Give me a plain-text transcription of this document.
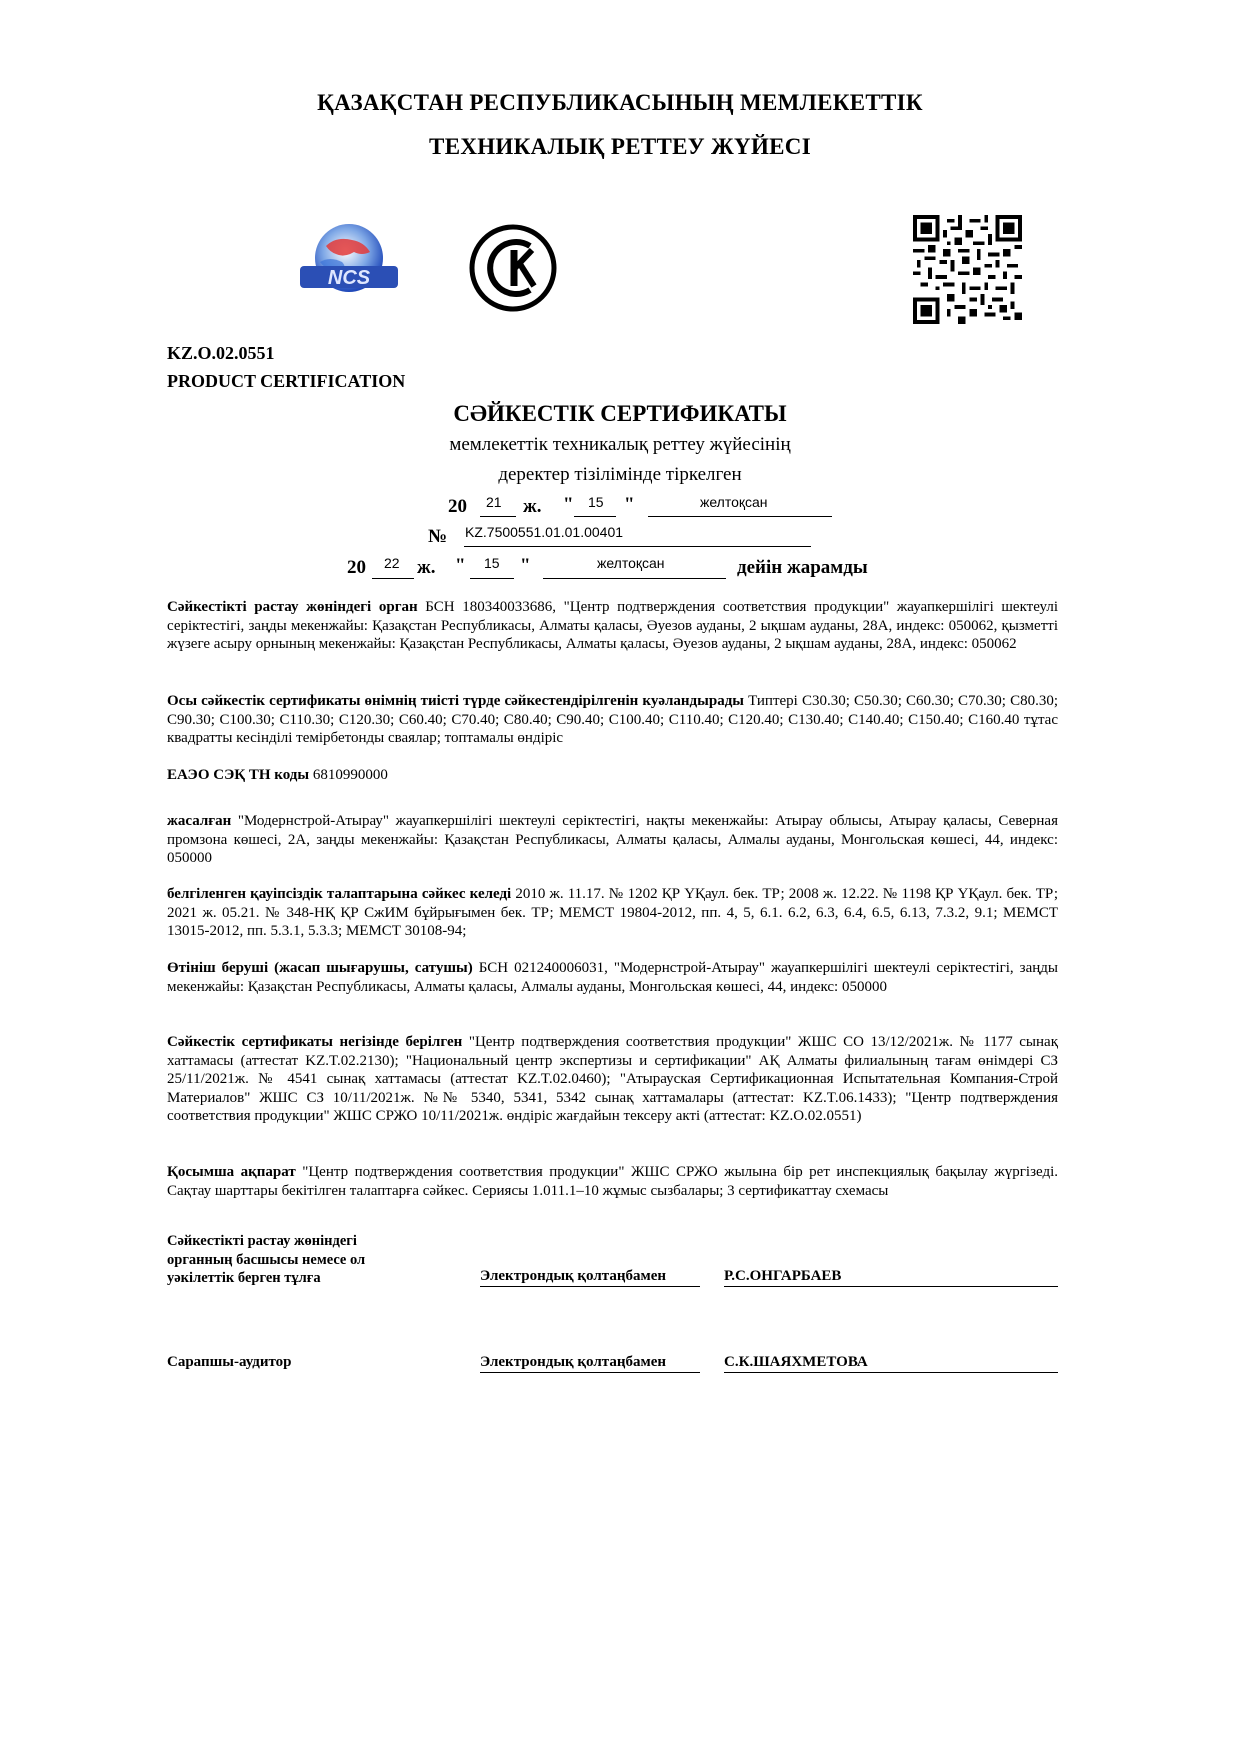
ҚАЗАҚСТАН РЕСПУБЛИКАСЫНЫҢ МЕМЛЕКЕТТІК
ТЕХНИКАЛЫҚ РЕТТЕУ ЖҮЙЕСІ
NCS
KZ.O.02.0551
PRODUCT CERTIFICATION
СӘЙКЕСТІК СЕРТИФИКАТЫ
мемлекеттік техникалық реттеу жүйесінің
деректер тізілімінде тіркелген
20 21 ж. " 15 "	желтоқсан
№ KZ.7500551.01.01.00401
20 22 ж. " 15 "	желтоқсан	дейін жарамды
Сәйкестікті растау жөніндегі орган БСН 180340033686, "Центр подтверждения соответствия продукции" жауапкершілігі шектеулі серіктестігі, заңды мекенжайы: Қазақстан Республикасы, Алматы қаласы, Әуезов ауданы, 2 ықшам ауданы, 28А, индекс: 050062, қызметті жүзеге асыру орнының мекенжайы: Қазақстан Республикасы, Алматы қаласы, Әуезов ауданы, 2 ықшам ауданы, 28А, индекс: 050062
Осы сәйкестік сертификаты өнімнің тиісті түрде сәйкестендірілгенін куәландырады Типтері С30.30; С50.30; С60.30; С70.30; С80.30; С90.30; С100.30; С110.30; С120.30; С60.40; С70.40; С80.40; С90.40; С100.40; С110.40; С120.40; С130.40; С140.40; С150.40; С160.40 тұтас квадратты кесінділі темірбетонды сваялар; топтамалы өндіріс
ЕАЭО СЭҚ ТН коды 6810990000
жасалған "Модернстрой-Атырау" жауапкершілігі шектеулі серіктестігі, нақты мекенжайы: Атырау облысы, Атырау қаласы, Северная промзона көшесі, 2А, заңды мекенжайы: Қазақстан Республикасы, Алматы қаласы, Алмалы ауданы, Монгольская көшесі, 44, индекс: 050000
белгіленген қауіпсіздік талаптарына сәйкес келеді 2010 ж. 11.17. № 1202 ҚР ҮҚаул. бек. ТР; 2008 ж. 12.22. № 1198 ҚР ҮҚаул. бек. ТР; 2021 ж. 05.21. № 348-НҚ ҚР СжИМ бұйрығымен бек. ТР; МЕМСТ 19804-2012, пп. 4, 5, 6.1. 6.2, 6.3, 6.4, 6.5, 6.13, 7.3.2, 9.1; МЕМСТ 13015-2012, пп. 5.3.1, 5.3.3; МЕМСТ 30108-94;
Өтініш беруші (жасап шығарушы, сатушы) БСН 021240006031, "Модернстрой-Атырау" жауапкершілігі шектеулі серіктестігі, заңды мекенжайы: Қазақстан Республикасы, Алматы қаласы, Алмалы ауданы, Монгольская көшесі, 44, индекс: 050000
Сәйкестік сертификаты негізінде берілген "Центр подтверждения соответствия продукции" ЖШС СО 13/12/2021ж. № 1177 сынақ хаттамасы (аттестат KZ.T.02.2130); "Национальный центр экспертизы и сертификации" АҚ Алматы филиалының тағам өнімдері СЗ 25/11/2021ж. № 4541 сынақ хаттамасы (аттестат KZ.T.02.0460); "Атырауская Сертификационная Испытательная Компания-Строй Материалов" ЖШС СЗ 10/11/2021ж. №№ 5340, 5341, 5342 сынақ хаттамалары (аттестат: KZ.T.06.1433); "Центр подтверждения соответствия продукции" ЖШС СРЖО 10/11/2021ж. өндіріс жағдайын тексеру акті (аттестат: KZ.O.02.0551)
Қосымша ақпарат "Центр подтверждения соответствия продукции" ЖШС СРЖО жылына бір рет инспекциялық бақылау жүргізеді. Сақтау шарттары бекітілген талаптарға сәйкес. Сериясы 1.011.1–10 жұмыс сызбалары; 3 сертификаттау схемасы
Сәйкестікті растау жөніндегі органның басшысы немесе ол уәкілеттік берген тұлға	Электрондық қолтаңбамен	Р.С.ОНГАРБАЕВ
Сарапшы-аудитор	Электрондық қолтаңбамен	С.К.ШАЯХМЕТОВА
